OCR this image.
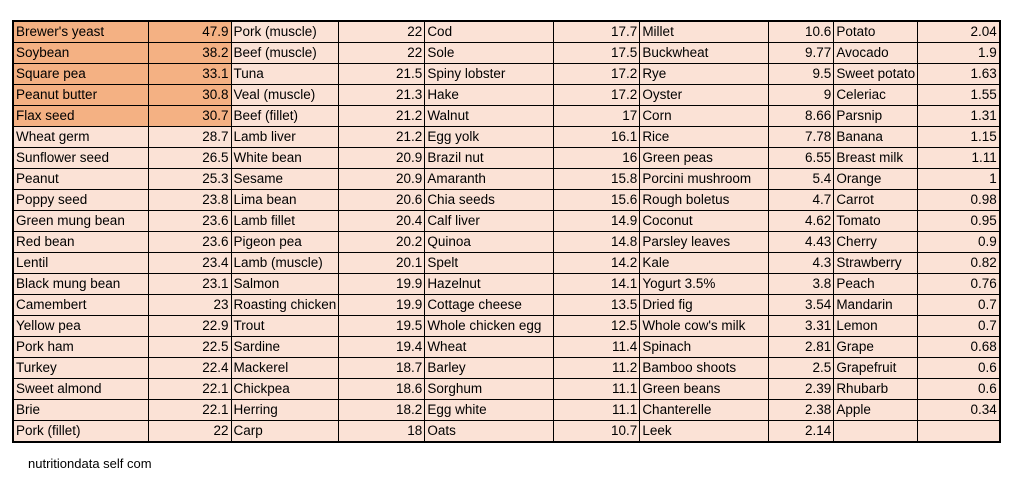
Brewer's yeast	47.9	Pork (muscle)	22	Cod	17.7	Millet	10.6	Potato	2.04
Soybean	38.2	Beef (muscle)	22	Sole	17.5	Buckwheat	9.77	Avocado	1.9
Square pea	33.1	Tuna	21.5	Spiny lobster	17.2	Rye	9.5	Sweet potato	1.63
Peanut butter	30.8	Veal (muscle)	21.3	Hake	17.2	Oyster	9	Celeriac	1.55
Flax seed	30.7	Beef (fillet)	21.2	Walnut	17	Corn	8.66	Parsnip	1.31
Wheat germ	28.7	Lamb liver	21.2	Egg yolk	16.1	Rice	7.78	Banana	1.15
Sunflower seed	26.5	White bean	20.9	Brazil nut	16	Green peas	6.55	Breast milk	1.11
Peanut	25.3	Sesame	20.9	Amaranth	15.8	Porcini mushroom	5.4	Orange	1
Poppy seed	23.8	Lima bean	20.6	Chia seeds	15.6	Rough boletus	4.7	Carrot	0.98
Green mung bean	23.6	Lamb fillet	20.4	Calf liver	14.9	Coconut	4.62	Tomato	0.95
Red bean	23.6	Pigeon pea	20.2	Quinoa	14.8	Parsley leaves	4.43	Cherry	0.9
Lentil	23.4	Lamb (muscle)	20.1	Spelt	14.2	Kale	4.3	Strawberry	0.82
Black mung bean	23.1	Salmon	19.9	Hazelnut	14.1	Yogurt 3.5%	3.8	Peach	0.76
Camembert	23	Roasting chicken	19.9	Cottage cheese	13.5	Dried fig	3.54	Mandarin	0.7
Yellow pea	22.9	Trout	19.5	Whole chicken egg	12.5	Whole cow's milk	3.31	Lemon	0.7
Pork ham	22.5	Sardine	19.4	Wheat	11.4	Spinach	2.81	Grape	0.68
Turkey	22.4	Mackerel	18.7	Barley	11.2	Bamboo shoots	2.5	Grapefruit	0.6
Sweet almond	22.1	Chickpea	18.6	Sorghum	11.1	Green beans	2.39	Rhubarb	0.6
Brie	22.1	Herring	18.2	Egg white	11.1	Chanterelle	2.38	Apple	0.34
Pork (fillet)	22	Carp	18	Oats	10.7	Leek	2.14		
nutritiondata self com
